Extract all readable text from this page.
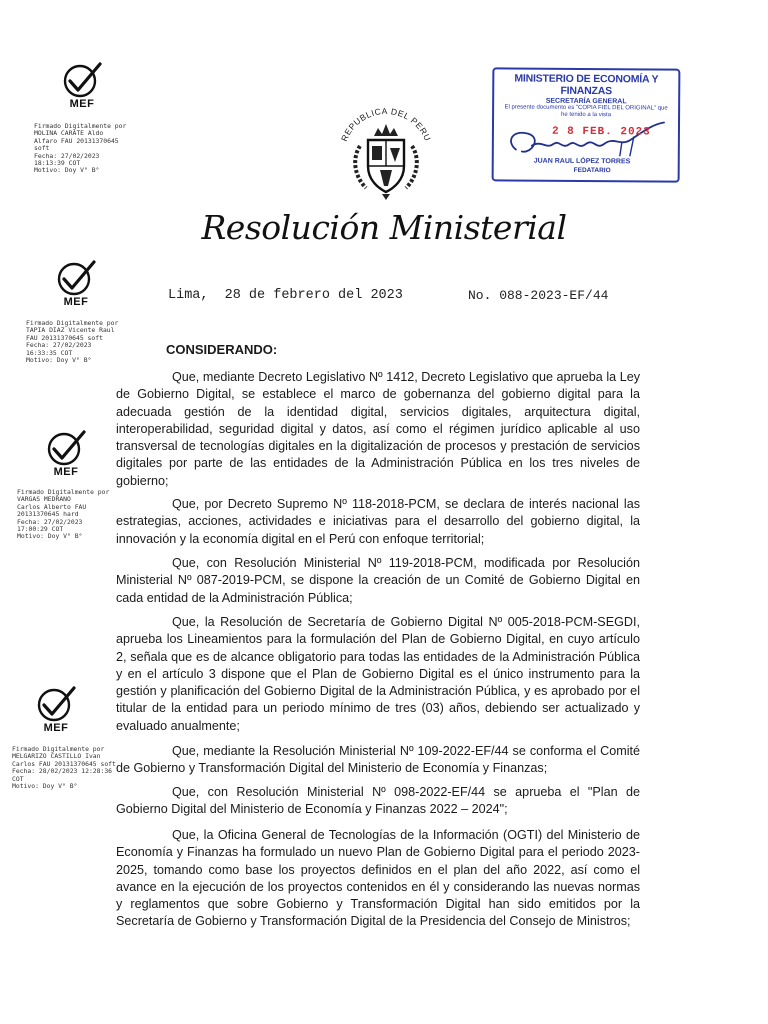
MEF
Firmado Digitalmente por
MOLINA CARATE Aldo
Alfaro FAU 20131370645
soft
Fecha: 27/02/2023
18:13:39 COT
Motivo: Doy V° B°
MEF
Firmado Digitalmente por
TAPIA DIAZ Vicente Raul
FAU 20131370645 soft
Fecha: 27/02/2023
16:33:35 COT
Motivo: Doy V° B°
MEF
Firmado Digitalmente por
VARGAS MEDRANO
Carlos Alberto FAU
20131370645 hard
Fecha: 27/02/2023
17:00:29 COT
Motivo: Doy V° B°
MEF
Firmado Digitalmente por
MELGARIZO CASTILLO Ivan
Carlos FAU 20131370645 soft
Fecha: 28/02/2023 12:28:36
COT
Motivo: Doy V° B°
MINISTERIO DE ECONOMÍA Y FINANZAS
SECRETARÍA GENERAL
El presente documento es "COPIA FIEL DEL ORIGINAL" que he tenido a la vista
2 8 FEB. 2023
JUAN RAUL LÓPEZ TORRES
FEDATARIO
REPUBLICA DEL PERU
Resolución Ministerial
Lima, 28 de febrero del 2023	No. 088-2023-EF/44
CONSIDERANDO:
Que, mediante Decreto Legislativo Nº 1412, Decreto Legislativo que aprueba la Ley de Gobierno Digital, se establece el marco de gobernanza del gobierno digital para la adecuada gestión de la identidad digital, servicios digitales, arquitectura digital, interoperabilidad, seguridad digital y datos, así como el régimen jurídico aplicable al uso transversal de tecnologías digitales en la digitalización de procesos y prestación de servicios digitales por parte de las entidades de la Administración Pública en los tres niveles de gobierno;
Que, por Decreto Supremo Nº 118-2018-PCM, se declara de interés nacional las estrategias, acciones, actividades e iniciativas para el desarrollo del gobierno digital, la innovación y la economía digital en el Perú con enfoque territorial;
Que, con Resolución Ministerial Nº 119-2018-PCM, modificada por Resolución Ministerial Nº 087-2019-PCM, se dispone la creación de un Comité de Gobierno Digital en cada entidad de la Administración Pública;
Que, la Resolución de Secretaría de Gobierno Digital Nº 005-2018-PCM-SEGDI, aprueba los Lineamientos para la formulación del Plan de Gobierno Digital, en cuyo artículo 2, señala que es de alcance obligatorio para todas las entidades de la Administración Pública y en el artículo 3 dispone que el Plan de Gobierno Digital es el único instrumento para la gestión y planificación del Gobierno Digital de la Administración Pública, y es aprobado por el titular de la entidad para un periodo mínimo de tres (03) años, debiendo ser actualizado y evaluado anualmente;
Que, mediante la Resolución Ministerial Nº 109-2022-EF/44 se conforma el Comité de Gobierno y Transformación Digital del Ministerio de Economía y Finanzas;
Que, con Resolución Ministerial Nº 098-2022-EF/44 se aprueba el "Plan de Gobierno Digital del Ministerio de Economía y Finanzas 2022 – 2024";
Que, la Oficina General de Tecnologías de la Información (OGTI) del Ministerio de Economía y Finanzas ha formulado un nuevo Plan de Gobierno Digital para el periodo 2023-2025, tomando como base los proyectos definidos en el plan del año 2022, así como el avance en la ejecución de los proyectos contenidos en él y considerando las nuevas normas y reglamentos que sobre Gobierno y Transformación Digital han sido emitidos por la Secretaría de Gobierno y Transformación Digital de la Presidencia del Consejo de Ministros;
